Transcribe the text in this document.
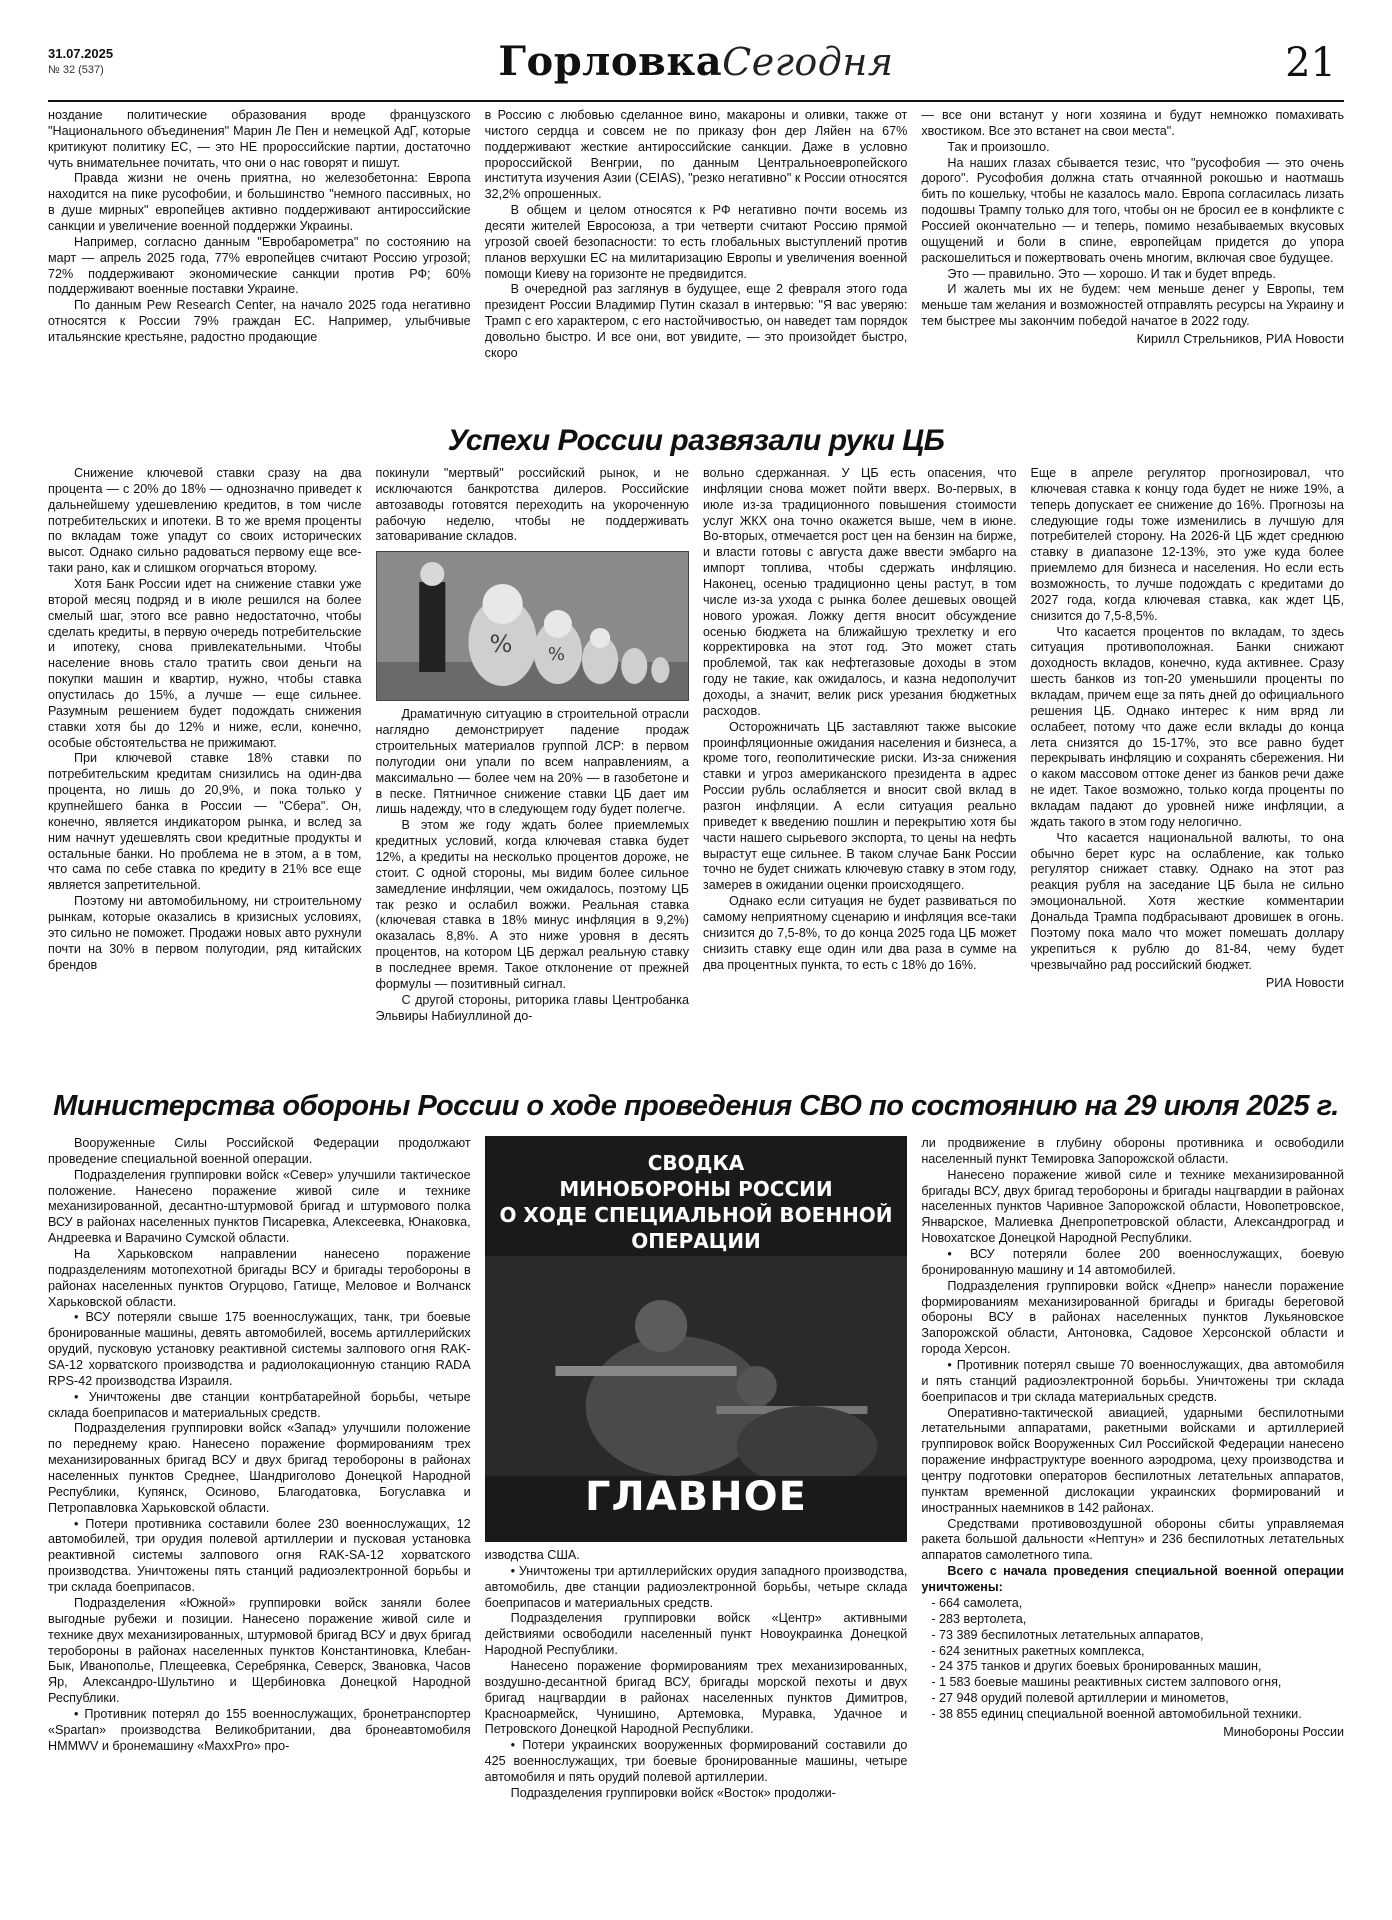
31.07.2025
№ 32 (537)	ГорловкаСегодня	21

ноздание политические образования вроде французского "Национального объединения" Марин Ле Пен и немецкой АдГ, которые критикуют политику ЕС, — это НЕ пророссийские партии, достаточно чуть внимательнее почитать, что они о нас говорят и пишут.

Правда жизни не очень приятна, но железобетонна: Европа находится на пике русофобии, и большинство "немного пассивных, но в душе мирных" европейцев активно поддерживают антироссийские санкции и увеличение военной поддержки Украины.

Например, согласно данным "Евробарометра" по состоянию на март — апрель 2025 года, 77% европейцев считают Россию угрозой; 72% поддерживают экономические санкции против РФ; 60% поддерживают военные поставки Украине.

По данным Pew Research Center, на начало 2025 года негативно относятся к России 79% граждан ЕС. Например, улыбчивые итальянские крестьяне, радостно продающие

в Россию с любовью сделанное вино, макароны и оливки, также от чистого сердца и совсем не по приказу фон дер Ляйен на 67% поддерживают жесткие антироссийские санкции. Даже в условно пророссийской Венгрии, по данным Центральноевропейского института изучения Азии (CEIAS), "резко негативно" к России относятся 32,2% опрошенных.

В общем и целом относятся к РФ негативно почти восемь из десяти жителей Евросоюза, а три четверти считают Россию прямой угрозой своей безопасности: то есть глобальных выступлений против планов верхушки ЕС на милитаризацию Европы и увеличения военной помощи Киеву на горизонте не предвидится.

В очередной раз заглянув в будущее, еще 2 февраля этого года президент России Владимир Путин сказал в интервью: "Я вас уверяю: Трамп с его характером, с его настойчивостью, он наведет там порядок довольно быстро. И все они, вот увидите, — это произойдет быстро, скоро

— все они встанут у ноги хозяина и будут немножко помахивать хвостиком. Все это встанет на свои места".

Так и произошло.

На наших глазах сбывается тезис, что "русофобия — это очень дорого". Русофобия должна стать отчаянной рокошью и наотмашь бить по кошельку, чтобы не казалось мало. Европа согласилась лизать подошвы Трампу только для того, чтобы он не бросил ее в конфликте с Россией окончательно — и теперь, помимо незабываемых вкусовых ощущений и боли в спине, европейцам придется до упора раскошелиться и пожертвовать очень многим, включая свое будущее.

Это — правильно. Это — хорошо. И так и будет впредь.

И жалеть мы их не будем: чем меньше денег у Европы, тем меньше там желания и возможностей отправлять ресурсы на Украину и тем быстрее мы закончим победой начатое в 2022 году.

Кирилл Стрельников, РИА Новости

Успехи России развязали руки ЦБ

Снижение ключевой ставки сразу на два процента — с 20% до 18% — однозначно приведет к дальнейшему удешевлению кредитов, в том числе потребительских и ипотеки. В то же время проценты по вкладам тоже упадут со своих исторических высот. Однако сильно радоваться первому еще все-таки рано, как и слишком огорчаться второму.

Хотя Банк России идет на снижение ставки уже второй месяц подряд и в июле решился на более смелый шаг, этого все равно недостаточно, чтобы сделать кредиты, в первую очередь потребительские и ипотеку, снова привлекательными. Чтобы население вновь стало тратить свои деньги на покупки машин и квартир, нужно, чтобы ставка опустилась до 15%, а лучше — еще сильнее. Разумным решением будет подождать снижения ставки хотя бы до 12% и ниже, если, конечно, особые обстоятельства не прижимают.

При ключевой ставке 18% ставки по потребительским кредитам снизились на один-два процента, но лишь до 20,9%, и пока только у крупнейшего банка в России — "Сбера". Он, конечно, является индикатором рынка, и вслед за ним начнут удешевлять свои кредитные продукты и остальные банки. Но проблема не в этом, а в том, что сама по себе ставка по кредиту в 21% все еще является запретительной.

Поэтому ни автомобильному, ни строительному рынкам, которые оказались в кризисных условиях, это сильно не поможет. Продажи новых авто рухнули почти на 30% в первом полугодии, ряд китайских брендов

покинули "мертвый" российский рынок, и не исключаются банкротства дилеров. Российские автозаводы готовятся переходить на укороченную рабочую неделю, чтобы не поддерживать затоваривание складов.

% %

Драматичную ситуацию в строительной отрасли наглядно демонстрирует падение продаж строительных материалов группой ЛСР: в первом полугодии они упали по всем направлениям, а максимально — более чем на 20% — в газобетоне и в песке. Пятничное снижение ставки ЦБ дает им лишь надежду, что в следующем году будет полегче.

В этом же году ждать более приемлемых кредитных условий, когда ключевая ставка будет 12%, а кредиты на несколько процентов дороже, не стоит. С одной стороны, мы видим более сильное замедление инфляции, чем ожидалось, поэтому ЦБ так резко и ослабил вожжи. Реальная ставка (ключевая ставка в 18% минус инфляция в 9,2%) оказалась 8,8%. А это ниже уровня в десять процентов, на котором ЦБ держал реальную ставку в последнее время. Такое отклонение от прежней формулы — позитивный сигнал.

С другой стороны, риторика главы Центробанка Эльвиры Набиуллиной до-

вольно сдержанная. У ЦБ есть опасения, что инфляции снова может пойти вверх. Во-первых, в июле из-за традиционного повышения стоимости услуг ЖКХ она точно окажется выше, чем в июне. Во-вторых, отмечается рост цен на бензин на бирже, и власти готовы с августа даже ввести эмбарго на импорт топлива, чтобы сдержать инфляцию. Наконец, осенью традиционно цены растут, в том числе из-за ухода с рынка более дешевых овощей нового урожая. Ложку дегтя вносит обсуждение осенью бюджета на ближайшую трехлетку и его корректировка на этот год. Это может стать проблемой, так как нефтегазовые доходы в этом году не такие, как ожидалось, и казна недополучит доходы, а значит, велик риск урезания бюджетных расходов.

Осторожничать ЦБ заставляют также высокие проинфляционные ожидания населения и бизнеса, а кроме того, геополитические риски. Из-за снижения ставки и угроз американского президента в адрес России рубль ослабляется и вносит свой вклад в разгон инфляции. А если ситуация реально приведет к введению пошлин и перекрытию хотя бы части нашего сырьевого экспорта, то цены на нефть вырастут еще сильнее. В таком случае Банк России точно не будет снижать ключевую ставку в этом году, замерев в ожидании оценки происходящего.

Однако если ситуация не будет развиваться по самому неприятному сценарию и инфляция все-таки снизится до 7,5-8%, то до конца 2025 года ЦБ может снизить ставку еще один или два раза в сумме на два процентных пункта, то есть с 18% до 16%.

Еще в апреле регулятор прогнозировал, что ключевая ставка к концу года будет не ниже 19%, а теперь допускает ее снижение до 16%. Прогнозы на следующие годы тоже изменились в лучшую для потребителей сторону. На 2026-й ЦБ ждет среднюю ставку в диапазоне 12-13%, это уже куда более приемлемо для бизнеса и населения. Но если есть возможность, то лучше подождать с кредитами до 2027 года, когда ключевая ставка, как ждет ЦБ, снизится до 7,5-8,5%.

Что касается процентов по вкладам, то здесь ситуация противоположная. Банки снижают доходность вкладов, конечно, куда активнее. Сразу шесть банков из топ-20 уменьшили проценты по вкладам, причем еще за пять дней до официального решения ЦБ. Однако интерес к ним вряд ли ослабеет, потому что даже если вклады до конца лета снизятся до 15-17%, это все равно будет перекрывать инфляцию и сохранять сбережения. Ни о каком массовом оттоке денег из банков речи даже не идет. Такое возможно, только когда проценты по вкладам падают до уровней ниже инфляции, а ждать такого в этом году нелогично.

Что касается национальной валюты, то она обычно берет курс на ослабление, как только регулятор снижает ставку. Однако на этот раз реакция рубля на заседание ЦБ была не сильно эмоциональной. Хотя жесткие комментарии Дональда Трампа подбрасывают дровишек в огонь. Поэтому пока мало что может помешать доллару укрепиться к рублю до 81-84, чему будет чрезвычайно рад российский бюджет.

РИА Новости

Министерства обороны России о ходе проведения СВО по состоянию на 29 июля 2025 г.

Вооруженные Силы Российской Федерации продолжают проведение специальной военной операции.

Подразделения группировки войск «Север» улучшили тактическое положение. Нанесено поражение живой силе и технике механизированной, десантно-штурмовой бригад и штурмового полка ВСУ в районах населенных пунктов Писаревка, Алексеевка, Юнаковка, Андреевка и Варачино Сумской области.

На Харьковском направлении нанесено поражение подразделениям мотопехотной бригады ВСУ и бригады теробороны в районах населенных пунктов Огурцово, Гатище, Меловое и Волчанск Харьковской области.

• ВСУ потеряли свыше 175 военнослужащих, танк, три боевые бронированные машины, девять автомобилей, восемь артиллерийских орудий, пусковую установку реактивной системы залпового огня RAK-SA-12 хорватского производства и радиолокационную станцию RADA RPS-42 производства Израиля.

• Уничтожены две станции контрбатарейной борьбы, четыре склада боеприпасов и материальных средств.

Подразделения группировки войск «Запад» улучшили положение по переднему краю. Нанесено поражение формированиям трех механизированных бригад ВСУ и двух бригад теробороны в районах населенных пунктов Среднее, Шандриголово Донецкой Народной Республики, Купянск, Осиново, Благодатовка, Богуславка и Петропавловка Харьковской области.

• Потери противника составили более 230 военнослужащих, 12 автомобилей, три орудия полевой артиллерии и пусковая установка реактивной системы залпового огня RAK-SA-12 хорватского производства. Уничтожены пять станций радиоэлектронной борьбы и три склада боеприпасов.

Подразделения «Южной» группировки войск заняли более выгодные рубежи и позиции. Нанесено поражение живой силе и технике двух механизированных, штурмовой бригад ВСУ и двух бригад теробороны в районах населенных пунктов Константиновка, Клебан-Бык, Иванополье, Плещеевка, Серебрянка, Северск, Звановка, Часов Яр, Александро-Шультино и Щербиновка Донецкой Народной Республики.

• Противник потерял до 155 военнослужащих, бронетранспортер «Spartan» производства Великобритании, два бронеавтомобиля HMMWV и бронемашину «MaxxPro» про-

СВОДКА
МИНОБОРОНЫ РОССИИ
О ХОДЕ СПЕЦИАЛЬНОЙ ВОЕННОЙ ОПЕРАЦИИ
ГЛАВНОЕ

изводства США.

• Уничтожены три артиллерийских орудия западного производства, автомобиль, две станции радиоэлектронной борьбы, четыре склада боеприпасов и материальных средств.

Подразделения группировки войск «Центр» активными действиями освободили населенный пункт Новоукраинка Донецкой Народной Республики.

Нанесено поражение формированиям трех механизированных, воздушно-десантной бригад ВСУ, бригады морской пехоты и двух бригад нацгвардии в районах населенных пунктов Димитров, Красноармейск, Чунишино, Артемовка, Муравка, Удачное и Петровского Донецкой Народной Республики.

• Потери украинских вооруженных формирований составили до 425 военнослужащих, три боевые бронированные машины, четыре автомобиля и пять орудий полевой артиллерии.

Подразделения группировки войск «Восток» продолжи-

ли продвижение в глубину обороны противника и освободили населенный пункт Темировка Запорожской области.

Нанесено поражение живой силе и технике механизированной бригады ВСУ, двух бригад теробороны и бригады нацгвардии в районах населенных пунктов Чаривное Запорожской области, Новопетровское, Январское, Малиевка Днепропетровской области, Александроград и Новохатское Донецкой Народной Республики.

• ВСУ потеряли более 200 военнослужащих, боевую бронированную машину и 14 автомобилей.

Подразделения группировки войск «Днепр» нанесли поражение формированиям механизированной бригады и бригады береговой обороны ВСУ в районах населенных пунктов Лукьяновское Запорожской области, Антоновка, Садовое Херсонской области и города Херсон.

• Противник потерял свыше 70 военнослужащих, два автомобиля и пять станций радиоэлектронной борьбы. Уничтожены три склада боеприпасов и три склада материальных средств.

Оперативно-тактической авиацией, ударными беспилотными летательными аппаратами, ракетными войсками и артиллерией группировок войск Вооруженных Сил Российской Федерации нанесено поражение инфраструктуре военного аэродрома, цеху производства и центру подготовки операторов беспилотных летательных аппаратов, пунктам временной дислокации украинских формирований и иностранных наемников в 142 районах.

Средствами противовоздушной обороны сбиты управляемая ракета большой дальности «Нептун» и 236 беспилотных летательных аппаратов самолетного типа.

Всего с начала проведения специальной военной операции уничтожены:

- 664 самолета,
- 283 вертолета,
- 73 389 беспилотных летательных аппаратов,
- 624 зенитных ракетных комплекса,
- 24 375 танков и других боевых бронированных машин,
- 1 583 боевые машины реактивных систем залпового огня,
- 27 948 орудий полевой артиллерии и минометов,
- 38 855 единиц специальной военной автомобильной техники.

Минобороны России
